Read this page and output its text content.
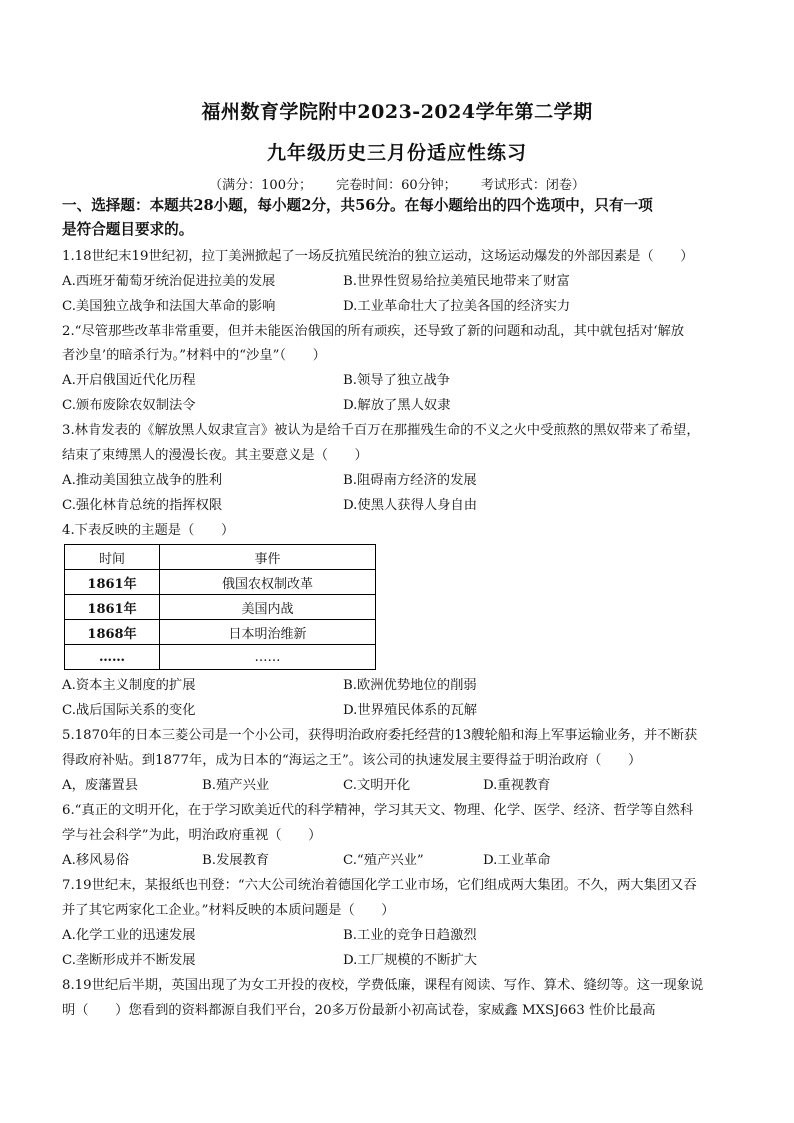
福州数育学院附中2023-2024学年第二学期
九年级历史三月份适应性练习
（满分：100分； 完卷时间：60分钟； 考试形式：闭卷）
一、选择题：本题共28小题，每小题2分，共56分。在每小题给出的四个选项中，只有一项
是符合题目要求的。
1.18世纪末19世纪初，拉丁美洲掀起了一场反抗殖民统治的独立运动，这场运动爆发的外部因素是（　　）
A.西班牙葡萄牙统治促进拉美的发展	B.世界性贸易给拉美殖民地带来了财富
C.美国独立战争和法国大革命的影响	D.工业革命壮大了拉美各国的经济实力
2.“尽管那些改革非常重要，但并未能医治俄国的所有顽疾，还导致了新的问题和动乱，其中就包括对‘解放
者沙皇’的暗杀行为。”材料中的“沙皇”（　　）
A.开启俄国近代化历程	B.领导了独立战争
C.颁布废除农奴制法令	D.解放了黑人奴隶
3.林肯发表的《解放黑人奴隶宣言》被认为是给千百万在那摧残生命的不义之火中受煎熬的黑奴带来了希望，
结束了束缚黑人的漫漫长夜。其主要意义是（　　）
A.推动美国独立战争的胜利	B.阻碍南方经济的发展
C.强化林肯总统的指挥权限	D.使黑人获得人身自由
4.下表反映的主题是（　　）
时间	事件
1861年	俄国农权制改革
1861年	美国内战
1868年	日本明治维新
……	……
A.资本主义制度的扩展	B.欧洲优势地位的削弱
C.战后国际关系的变化	D.世界殖民体系的瓦解
5.1870年的日本三菱公司是一个小公司，获得明治政府委托经营的13艘轮船和海上军事运输业务，并不断获
得政府补贴。到1877年，成为日本的“海运之王”。该公司的执速发展主要得益于明治政府（　　）
A，废藩置县	B.殖产兴业	C.文明开化	D.重视教育
6.“真正的文明开化，在于学习欧美近代的科学精神，学习其天文、物理、化学、医学、经济、哲学等自然科
学与社会科学”为此，明治政府重视（　　）
A.移风易俗	B.发展教育	C.“殖产兴业”	D.工业革命
7.19世纪末，某报纸也刊登：“六大公司统治着德国化学工业市场，它们组成两大集团。不久，两大集团又吞
并了其它两家化工企业。”材料反映的本质问题是（　　）
A.化学工业的迅速发展	B.工业的竞争日趋激烈
C.垄断形成并不断发展	D.工厂规模的不断扩大
8.19世纪后半期，英国出现了为女工开投的夜校，学费低廉，课程有阅读、写作、算术、缝纫等。这一现象说
明（　　）您看到的资料都源自我们平台，20多万份最新小初高试卷，家威鑫 MXSJ663 性价比最高
